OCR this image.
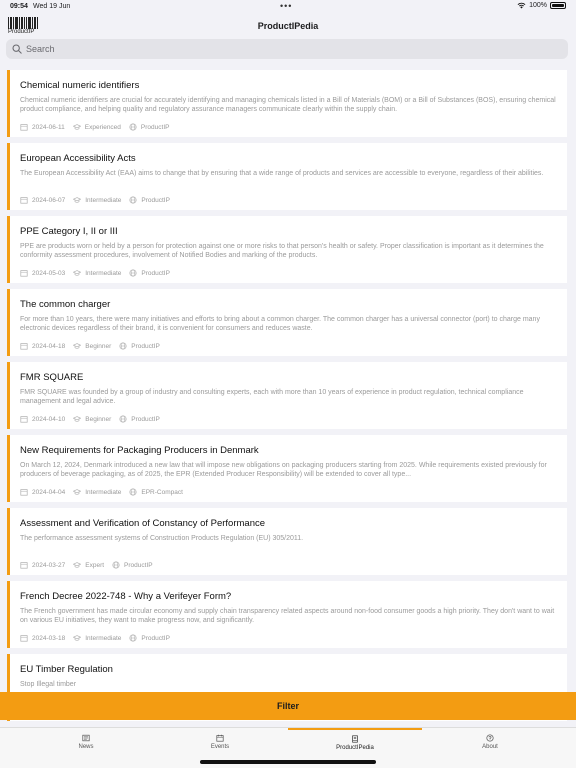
09:54 Wed 19 Jun	•••	100%
ProductIP
ProductIPedia
Search
Chemical numeric identifiers
Chemical numeric identifiers are crucial for accurately identifying and managing chemicals listed in a Bill of Materials (BOM) or a Bill of Substances (BOS), ensuring chemical product compliance, and helping quality and regulatory assurance managers communicate clearly within the supply chain.
2024-06-11	Experienced	ProductIP
European Accessibility Acts
The European Accessibility Act (EAA) aims to change that by ensuring that a wide range of products and services are accessible to everyone, regardless of their abilities.
2024-06-07	Intermediate	ProductIP
PPE Category I, II or III
PPE are products worn or held by a person for protection against one or more risks to that person's health or safety. Proper classification is important as it determines the conformity assessment procedures, involvement of Notified Bodies and marking of the products.
2024-05-03	Intermediate	ProductIP
The common charger
For more than 10 years, there were many initiatives and efforts to bring about a common charger. The common charger has a universal connector (port) to charge many electronic devices regardless of their brand, it is convenient for consumers and reduces waste.
2024-04-18	Beginner	ProductIP
FMR SQUARE
FMR SQUARE was founded by a group of industry and consulting experts, each with more than 10 years of experience in product regulation, technical compliance management and legal advice.
2024-04-10	Beginner	ProductIP
New Requirements for Packaging Producers in Denmark
On March 12, 2024, Denmark introduced a new law that will impose new obligations on packaging producers starting from 2025. While requirements existed previously for producers of beverage packaging, as of 2025, the EPR (Extended Producer Responsibility) will be extended to cover all type...
2024-04-04	Intermediate	EPR-Compact
Assessment and Verification of Constancy of Performance
The performance assessment systems of Construction Products Regulation (EU) 305/2011.
2024-03-27	Expert	ProductIP
French Decree 2022-748 - Why a Verifeyer Form?
The French government has made circular economy and supply chain transparency related aspects around non-food consumer goods a high priority. They don't want to wait on various EU initiatives, they want to make progress now, and significantly.
2024-03-18	Intermediate	ProductIP
EU Timber Regulation
Stop Illegal timber
Filter
News	Events	ProductIPedia	About
